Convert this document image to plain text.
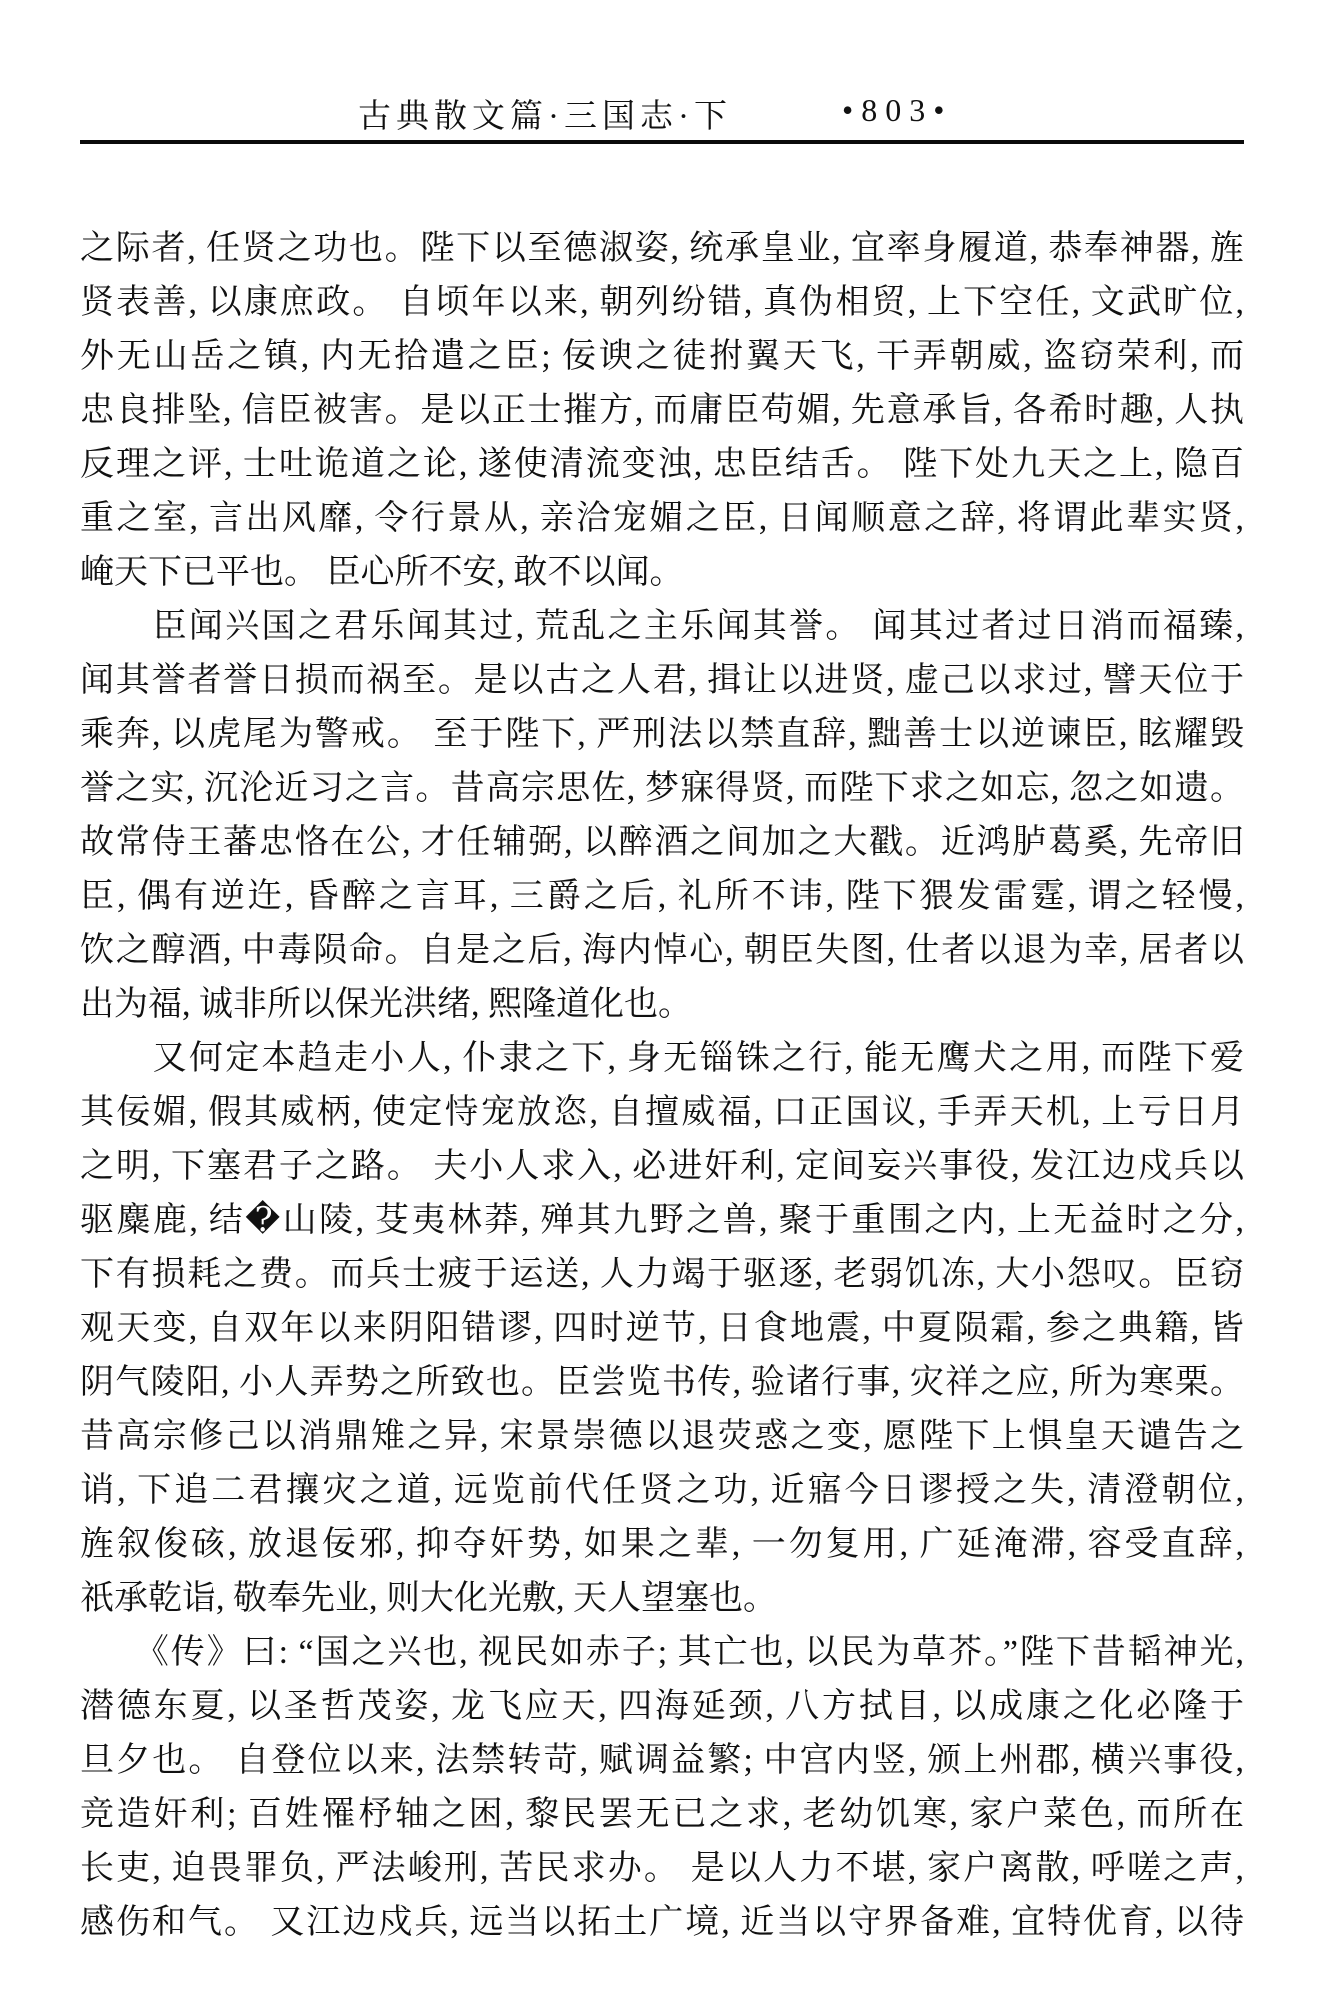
古典散文篇·三国志·下	•803•
之际者, 任贤之功也。陛下以至德淑姿, 统承皇业, 宜率身履道, 恭奉神器, 旌
贤表善, 以康庶政。 自顷年以来, 朝列纷错, 真伪相贸, 上下空任, 文武旷位,
外无山岳之镇, 内无拾遣之臣; 佞谀之徒拊翼天飞, 干弄朝威, 盗窃荣利, 而
忠良排坠, 信臣被害。是以正士摧方, 而庸臣苟媚, 先意承旨, 各希时趣, 人执
反理之评, 士吐诡道之论, 遂使清流变浊, 忠臣结舌。 陛下处九天之上, 隐百
重之室, 言出风靡, 令行景从, 亲洽宠媚之臣, 日闻顺意之辞, 将谓此辈实贤,
崦天下已平也。 臣心所不安, 敢不以闻。
　　臣闻兴国之君乐闻其过, 荒乱之主乐闻其誉。 闻其过者过日消而福臻,
闻其誉者誉日损而祸至。是以古之人君, 揖让以进贤, 虚己以求过, 譬天位于
乘奔, 以虎尾为警戒。 至于陛下, 严刑法以禁直辞, 黜善士以逆谏臣, 眩耀毁
誉之实, 沉沦近习之言。昔高宗思佐, 梦寐得贤, 而陛下求之如忘, 忽之如遗。
故常侍王蕃忠恪在公, 才任辅弼, 以醉酒之间加之大戳。近鸿胪葛奚, 先帝旧
臣, 偶有逆迕, 昏醉之言耳, 三爵之后, 礼所不讳, 陛下猥发雷霆, 谓之轻慢,
饮之醇酒, 中毒陨命。自是之后, 海内悼心, 朝臣失图, 仕者以退为幸, 居者以
出为福, 诚非所以保光洪绪, 熙隆道化也。
　　又何定本趋走小人, 仆隶之下, 身无锱铢之行, 能无鹰犬之用, 而陛下爱
其佞媚, 假其威柄, 使定恃宠放恣, 自擅威福, 口正国议, 手弄天机, 上亏日月
之明, 下塞君子之路。 夫小人求入, 必进奸利, 定间妄兴事役, 发江边戍兵以
驱麋鹿, 结�山陵, 芟夷林莽, 殚其九野之兽, 聚于重围之内, 上无益时之分,
下有损耗之费。而兵士疲于运送, 人力竭于驱逐, 老弱饥冻, 大小怨叹。臣窃
观天变, 自双年以来阴阳错谬, 四时逆节, 日食地震, 中夏陨霜, 参之典籍, 皆
阴气陵阳, 小人弄势之所致也。臣尝览书传, 验诸行事, 灾祥之应, 所为寒栗。
昔高宗修己以消鼎雉之异, 宋景崇德以退荧惑之变, 愿陛下上惧皇天谴告之
诮, 下追二君攘灾之道, 远览前代任贤之功, 近寤今日谬授之失, 清澄朝位,
旌叙俊硋, 放退佞邪, 抑夺奸势, 如果之辈, 一勿复用, 广延淹滞, 容受直辞,
祇承乾诣, 敬奉先业, 则大化光敷, 天人望塞也。
　　《传》曰: “国之兴也, 视民如赤子; 其亡也, 以民为草芥。”陛下昔韬神光,
潜德东夏, 以圣哲茂姿, 龙飞应天, 四海延颈, 八方拭目, 以成康之化必隆于
旦夕也。 自登位以来, 法禁转苛, 赋调益繁; 中宫内竖, 颁上州郡, 横兴事役,
竞造奸利; 百姓罹杼轴之困, 黎民罢无已之求, 老幼饥寒, 家户菜色, 而所在
长吏, 迫畏罪负, 严法峻刑, 苦民求办。 是以人力不堪, 家户离散, 呼嗟之声,
感伤和气。 又江边戍兵, 远当以拓土广境, 近当以守界备难, 宜特优育, 以待
